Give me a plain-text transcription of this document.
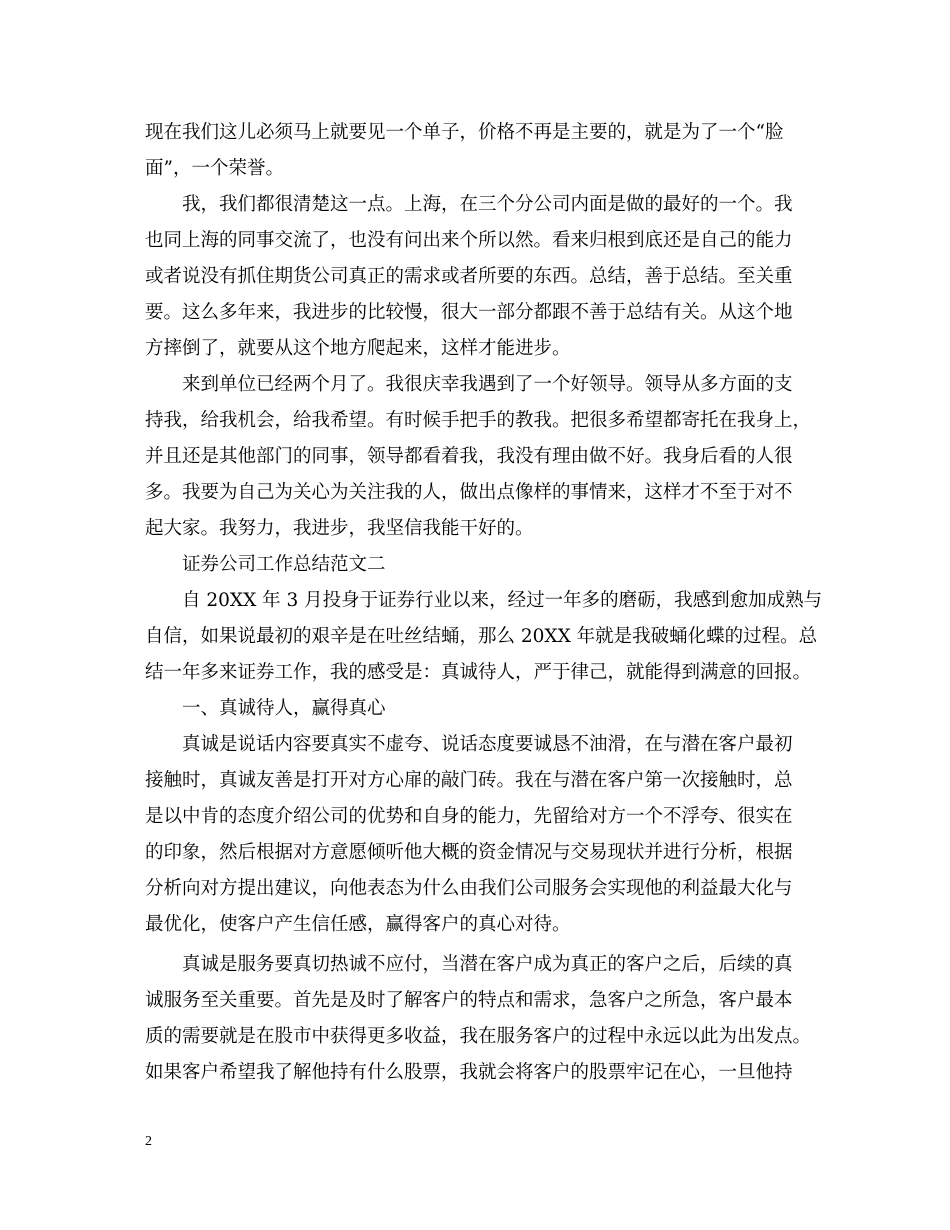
现在我们这儿必须马上就要见一个单子，价格不再是主要的，就是为了一个“脸
面”，一个荣誉。
我，我们都很清楚这一点。上海，在三个分公司内面是做的最好的一个。我
也同上海的同事交流了，也没有问出来个所以然。看来归根到底还是自己的能力
或者说没有抓住期货公司真正的需求或者所要的东西。总结，善于总结。至关重
要。这么多年来，我进步的比较慢，很大一部分都跟不善于总结有关。从这个地
方摔倒了，就要从这个地方爬起来，这样才能进步。
来到单位已经两个月了。我很庆幸我遇到了一个好领导。领导从多方面的支
持我，给我机会，给我希望。有时候手把手的教我。把很多希望都寄托在我身上，
并且还是其他部门的同事，领导都看着我，我没有理由做不好。我身后看的人很
多。我要为自己为关心为关注我的人，做出点像样的事情来，这样才不至于对不
起大家。我努力，我进步，我坚信我能干好的。
证券公司工作总结范文二
自 20XX 年 3 月投身于证券行业以来，经过一年多的磨砺，我感到愈加成熟与
自信，如果说最初的艰辛是在吐丝结蛹，那么 20XX 年就是我破蛹化蝶的过程。总
结一年多来证券工作，我的感受是：真诚待人，严于律己，就能得到满意的回报。
一、真诚待人，赢得真心
真诚是说话内容要真实不虚夸、说话态度要诚恳不油滑，在与潜在客户最初
接触时，真诚友善是打开对方心扉的敲门砖。我在与潜在客户第一次接触时，总
是以中肯的态度介绍公司的优势和自身的能力，先留给对方一个不浮夸、很实在
的印象，然后根据对方意愿倾听他大概的资金情况与交易现状并进行分析，根据
分析向对方提出建议，向他表态为什么由我们公司服务会实现他的利益最大化与
最优化，使客户产生信任感，赢得客户的真心对待。
真诚是服务要真切热诚不应付，当潜在客户成为真正的客户之后，后续的真
诚服务至关重要。首先是及时了解客户的特点和需求，急客户之所急，客户最本
质的需要就是在股市中获得更多收益，我在服务客户的过程中永远以此为出发点。
如果客户希望我了解他持有什么股票，我就会将客户的股票牢记在心，一旦他持
2
